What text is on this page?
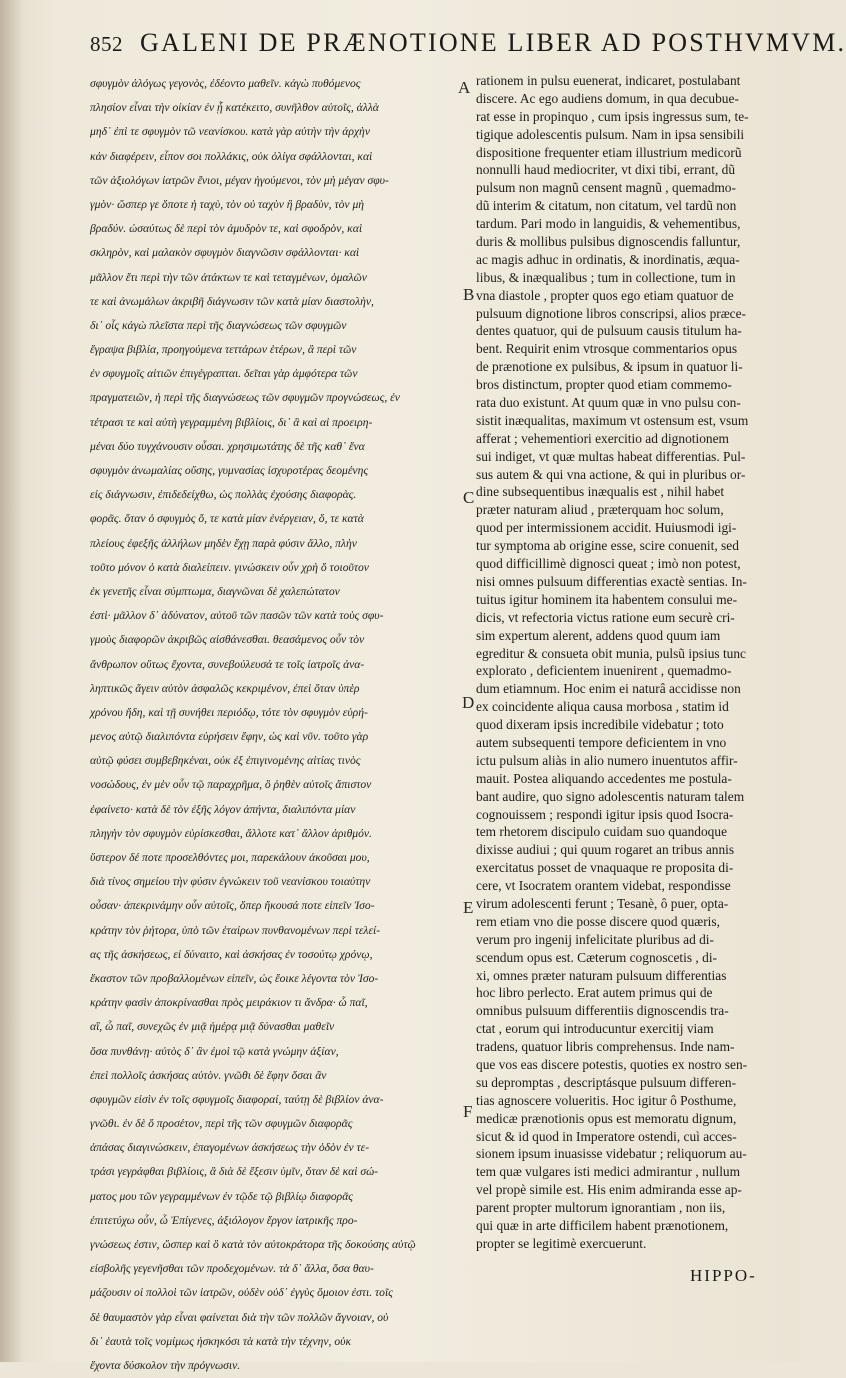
852 GALENI DE PRÆNOTIONE LIBER AD POSTHVMVM.
σφυγμὸν ἀλόγως γεγονὸς, ἐδέοντο μαθεῖν. κἀγὼ πυθόμενος
πλησίον εἶναι τὴν οἰκίαν ἐν ᾗ κατέκειτο, συνῆλθον αὐτοῖς, ἀλλὰ
μηδ᾽ ἐπὶ τε σφυγμὸν τῶ νεανίσκου. κατὰ γὰρ αὐτὴν τὴν ἀρχὴν
κἀν διαφέρειν, εἶπον σοι πολλάκις, οὐκ ὀλίγα σφάλλονται, καὶ
τῶν ἀξιολόγων ἰατρῶν ἔνιοι, μέγαν ἡγούμενοι, τὸν μὴ μέγαν σφυ-
γμὸν· ὥσπερ γε ὅποτε ἡ ταχὺ, τὸν οὐ ταχὺν ἢ βραδὺν, τὸν μὴ
βραδύν. ὡσαύτως δὲ περὶ τὸν ἀμυδρὸν τε, καὶ σφοδρὸν, καὶ
σκληρὸν, καὶ μαλακὸν σφυγμὸν διαγνῶσιν σφάλλονται· καὶ
μᾶλλον ἔτι περὶ τὴν τῶν ἀτάκτων τε καὶ τεταγμένων, ὁμαλῶν
τε καὶ ἀνωμάλων ἀκριβῆ διάγνωσιν τῶν κατὰ μίαν διαστολὴν,
δι᾽ οἷς κἀγὼ πλεῖστα περὶ τῆς διαγνώσεως τῶν σφυγμῶν
ἔγραψα βιβλία, προηγούμενα τεττάρων ἑτέρων, ἃ περὶ τῶν
ἐν σφυγμοῖς αἰτιῶν ἐπιγέγραπται. δεῖται γὰρ ἀμφότερα τῶν
πραγματειῶν, ἡ περὶ τῆς διαγνώσεως τῶν σφυγμῶν προγνώσεως, ἐν
τέτρασι τε καὶ αὐτὴ γεγραμμένη βιβλίοις, δι᾽ ἃ καὶ αἱ προειρη-
μέναι δύο τυγχάνουσιν οὖσαι. χρησιμωτάτης δὲ τῆς καθ᾽ ἕνα
σφυγμὸν ἀνωμαλίας οὔσης, γυμνασίας ἰσχυροτέρας δεομένης
εἰς διάγνωσιν, ἐπιδεδείχθω, ὡς πολλὰς ἐχούσης διαφορὰς.
φορᾶς. ὅταν ὁ σφυγμὸς ὅ, τε κατὰ μίαν ἐνέργειαν, ὅ, τε κατὰ
πλείους ἐφεξῆς ἀλλήλων μηδὲν ἔχῃ παρὰ φύσιν ἄλλο, πλὴν
τοῦτο μόνον ὁ κατὰ διαλείπειν. γινώσκειν οὖν χρὴ ὅ τοιοῦτον
ἐκ γενετῆς εἶναι σύμπτωμα, διαγνῶναι δὲ χαλεπώτατον
ἐστὶ· μᾶλλον δ᾽ ἀδύνατον, αὐτοῦ τῶν πασῶν τῶν κατὰ τοὺς σφυ-
γμοὺς διαφορῶν ἀκριβῶς αἰσθάνεσθαι. θεασάμενος οὖν τὸν
ἄνθρωπον οὕτως ἔχοντα, συνεβούλευσά τε τοῖς ἰατροῖς ἀνα-
ληπτικῶς ἄγειν αὐτὸν ἀσφαλῶς κεκριμένον, ἐπεὶ ὅταν ὑπὲρ
χρόνου ἤδη, καὶ τῇ συνήθει περιόδῳ, τότε τὸν σφυγμὸν εὑρή-
μενος αὐτῷ διαλιπόντα εὑρήσειν ἔφην, ὡς καὶ νῦν. τοῦτο γὰρ
αὐτῷ φύσει συμβεβηκέναι, οὐκ ἐξ ἐπιγινομένης αἰτίας τινὸς
νοσώδους, ἐν μὲν οὖν τῷ παραχρῆμα, ὃ ῥηθὲν αὐτοῖς ἄπιστον
ἐφαίνετο· κατὰ δὲ τὸν ἐξῆς λόγον ἀπήντα, διαλιπόντα μίαν
πληγὴν τὸν σφυγμὸν εὑρίσκεσθαι, ἄλλοτε κατ᾽ ἄλλον ἀριθμόν.
ὕστερον δέ ποτε προσελθόντες μοι, παρεκάλουν ἀκοῦσαι μου,
διὰ τίνος σημείου τὴν φύσιν ἐγνώκειν τοῦ νεανίσκου τοιαύτην
οὖσαν· ἀπεκρινάμην οὖν αὐτοῖς, ὅπερ ἤκουσά ποτε εἰπεῖν Ἰσο-
κράτην τὸν ῥήτορα, ὑπὸ τῶν ἑταίρων πυνθανομένων περὶ τελεί-
ας τῆς ἀσκήσεως, εἰ δύναιτο, καὶ ἀσκήσας ἐν τοσούτῳ χρόνῳ,
ἕκαστον τῶν προβαλλομένων εἰπεῖν, ὡς ἔοικε λέγοντα τὸν Ἰσο-
κράτην φασὶν ἀποκρίνασθαι πρὸς μειράκιον τι ἄνδρα· ὦ παῖ,
αἳ, ὦ παῖ, συνεχῶς ἐν μιᾷ ἡμέρᾳ μιᾷ δύνασθαι μαθεῖν
ὅσα πυνθάνῃ· αὐτὸς δ᾽ ἂν ἐμοὶ τῷ κατὰ γνώμην ἀξίαν,
ἐπεὶ πολλοῖς ἀσκήσας αὐτὸν. γνῶθι δὲ ἔφην ὅσαι ἂν
σφυγμῶν εἰσὶν ἐν τοῖς σφυγμοῖς διαφοραί, ταύτῃ δὲ βιβλίον ἀνα-
γνῶθι. ἐν δὲ ὅ προσέτον, περὶ τῆς τῶν σφυγμῶν διαφορᾶς
ἁπάσας διαγινώσκειν, ἐπαγομένων ἀσκήσεως τὴν ὁδὸν ἐν τε-
τράσι γεγράφθαι βιβλίοις, ἃ διὰ δὲ ἔξεσιν ὑμῖν, ὅταν δὲ καὶ σώ-
ματος μου τῶν γεγραμμένων ἐν τῷδε τῷ βιβλίῳ διαφορᾶς
ἐπιτετύχω οὖν, ὦ Ἐπίγενες, ἀξιόλογον ἔργον ἰατρικῆς προ-
γνώσεως ἐστιν, ὥσπερ καὶ ὃ κατὰ τὸν αὐτοκράτορα τῆς δοκούσης αὐτῷ
εἰσβολῆς γεγενῆσθαι τῶν προδεχομένων. τὰ δ᾽ ἄλλα, ὅσα θαυ-
μάζουσιν οἱ πολλοὶ τῶν ἰατρῶν, οὐδὲν οὐδ᾽ ἐγγὺς ὅμοιον ἐστι. τοῖς
δὲ θαυμαστὸν γὰρ εἶναι φαίνεται διὰ τὴν τῶν πολλῶν ἄγνοιαν, οὐ
δι᾽ ἑαυτὰ τοῖς νομίμως ἠσκηκόσι τὰ κατὰ τὴν τέχνην, οὐκ
ἔχοντα δύσκολον τὴν πρόγνωσιν.
rationem in pulsu euenerat, indicaret, postulabant
discere. Ac ego audiens domum, in qua decubue-
rat esse in propinquo , cum ipsis ingressus sum, te-
tigique adolescentis pulsum. Nam in ipsa sensibili
dispositione frequenter etiam illustrium medicorũ
nonnulli haud mediocriter, vt dixi tibi, errant, dũ
pulsum non magnũ censent magnũ , quemadmo-
dũ interim & citatum, non citatum, vel tardũ non
tardum. Pari modo in languidis, & vehementibus,
duris & mollibus pulsibus dignoscendis falluntur,
ac magis adhuc in ordinatis, & inordinatis, æqua-
libus, & inæqualibus ; tum in collectione, tum in
vna diastole , propter quos ego etiam quatuor de
pulsuum dignotione libros conscripsi, alios præce-
dentes quatuor, qui de pulsuum causis titulum ha-
bent. Requirit enim vtrosque commentarios opus
de prænotione ex pulsibus, & ipsum in quatuor li-
bros distinctum, propter quod etiam commemo-
rata duo existunt. At quum quæ in vno pulsu con-
sistit inæqualitas, maximum vt ostensum est, vsum
afferat ; vehementiori exercitio ad dignotionem
sui indiget, vt quæ multas habeat differentias. Pul-
sus autem & qui vna actione, & qui in pluribus or-
dine subsequentibus inæqualis est , nihil habet
præter naturam aliud , præterquam hoc solum,
quod per intermissionem accidit. Huiusmodi igi-
tur symptoma ab origine esse, scire conuenit, sed
quod difficillimè dignosci queat ; imò non potest,
nisi omnes pulsuum differentias exactè sentias. In-
tuitus igitur hominem ita habentem consului me-
dicis, vt refectoria victus ratione eum securè cri-
sim expertum alerent, addens quod quum iam
egreditur & consueta obit munia, pulsũ ipsius tunc
explorato , deficientem inuenirent , quemadmo-
dum etiamnum. Hoc enim ei naturâ accidisse non
ex coincidente aliqua causa morbosa , statim id
quod dixeram ipsis incredibile videbatur ; toto
autem subsequenti tempore deficientem in vno
ictu pulsum aliàs in alio numero inuentutos affir-
mauit. Postea aliquando accedentes me postula-
bant audire, quo signo adolescentis naturam talem
cognouissem ; respondi igitur ipsis quod Isocra-
tem rhetorem discipulo cuidam suo quandoque
dixisse audiui ; qui quum rogaret an tribus annis
exercitatus posset de vnaquaque re proposita di-
cere, vt Isocratem orantem videbat, respondisse
virum adolescenti ferunt ; Tesanè, ô puer, opta-
rem etiam vno die posse discere quod quæris,
verum pro ingenij infelicitate pluribus ad di-
scendum opus est. Cæterum cognoscetis , di-
xi, omnes præter naturam pulsuum differentias
hoc libro perlecto. Erat autem primus qui de
omnibus pulsuum differentiis dignoscendis tra-
ctat , eorum qui introducuntur exercitij viam
tradens, quatuor libris comprehensus. Inde nam-
que vos eas discere potestis, quoties ex nostro sen-
su depromptas , descriptásque pulsuum differen-
tias agnoscere volueritis. Hoc igitur ô Posthume,
medicæ prænotionis opus est memoratu dignum,
sicut & id quod in Imperatore ostendi, cuì acces-
sionem ipsum inuasisse videbatur ; reliquorum au-
tem quæ vulgares isti medici admirantur , nullum
vel propè simile est. His enim admiranda esse ap-
parent propter multorum ignorantiam , non iis,
qui quæ in arte difficilem habent prænotionem,
propter se legitimè exercuerunt.
A
B
C
D
E
F
HIPPO-
